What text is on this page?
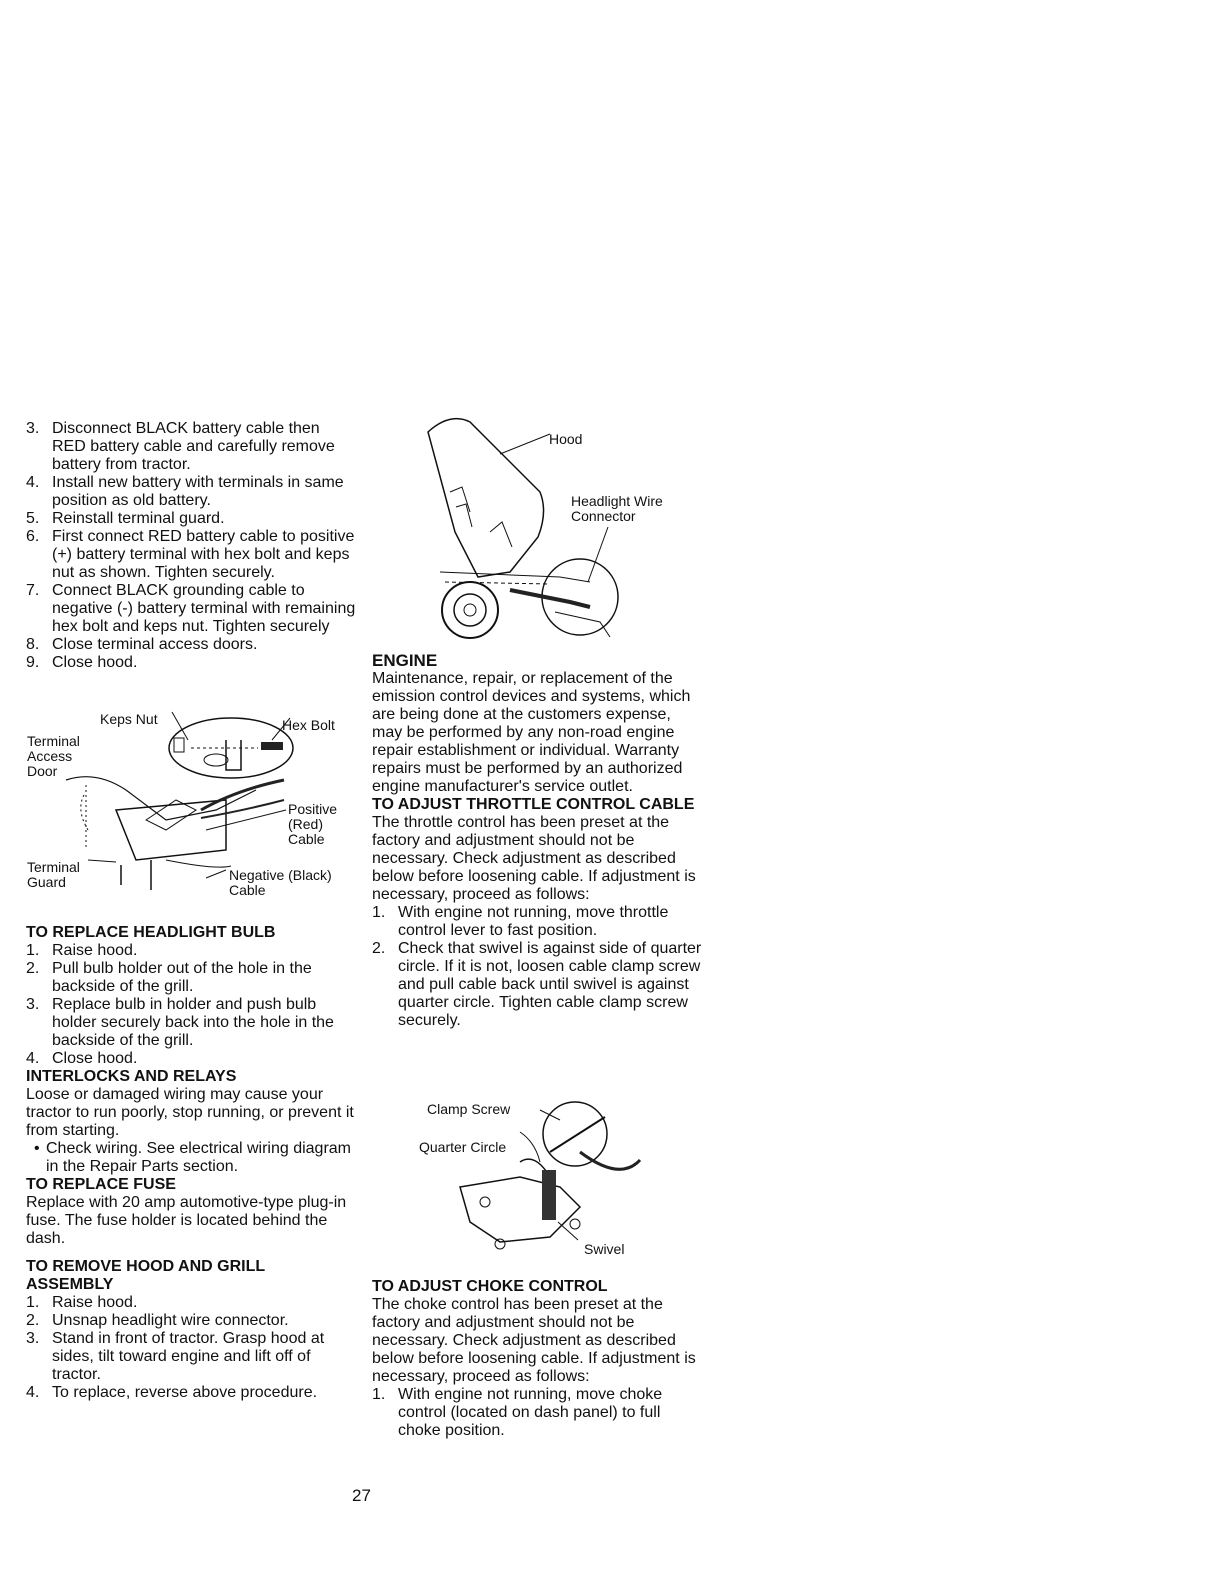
3. Disconnect BLACK battery cable then RED battery cable and carefully remove battery from tractor.
4. Install new battery with terminals in same position as old battery.
5. Reinstall terminal guard.
6. First connect RED battery cable to positive (+) battery terminal with hex bolt and keps nut as shown. Tighten securely.
7. Connect BLACK grounding cable to negative (-) battery terminal with remaining hex bolt and keps nut. Tighten securely
8. Close terminal access doors.
9. Close hood.
Keps Nut	Hex Bolt
Terminal
Access
Door
Positive
(Red)
Cable
Terminal
Guard	Negative (Black)
Cable
TO REPLACE HEADLIGHT BULB
1. Raise hood.
2. Pull bulb holder out of the hole in the backside of the grill.
3. Replace bulb in holder and push bulb holder securely back into the hole in the backside of the grill.
4. Close hood.
INTERLOCKS AND RELAYS

Loose or damaged wiring may cause your tractor to run poorly, stop running, or prevent it from starting.

• Check wiring. See electrical wiring diagram in the Repair Parts section.
TO REPLACE FUSE

Replace with 20 amp automotive-type plug-in fuse. The fuse holder is located behind the dash.

TO REMOVE HOOD AND GRILL ASSEMBLY
1. Raise hood.
2. Unsnap headlight wire connector.
3. Stand in front of tractor. Grasp hood at sides, tilt toward engine and lift off of tractor.
4. To replace, reverse above procedure.
Hood
Headlight Wire
Connector
ENGINE

Maintenance, repair, or replacement of the emission control devices and systems, which are being done at the customers expense, may be performed by any non-road engine repair establishment or individual. Warranty repairs must be performed by an authorized engine manufacturer's service outlet.

TO ADJUST THROTTLE CONTROL CABLE

The throttle control has been preset at the factory and adjustment should not be necessary. Check adjustment as described below before loosening cable. If adjustment is necessary, proceed as follows:

1. With engine not running, move throttle control lever to fast position.
2. Check that swivel is against side of quarter circle. If it is not, loosen cable clamp screw and pull cable back until swivel is against quarter circle. Tighten cable clamp screw securely.
Clamp Screw
Quarter Circle
Swivel
TO ADJUST CHOKE CONTROL

The choke control has been preset at the factory and adjustment should not be necessary. Check adjustment as described below before loosening cable. If adjustment is necessary, proceed as follows:

1. With engine not running, move choke control (located on dash panel) to full choke position.
27
